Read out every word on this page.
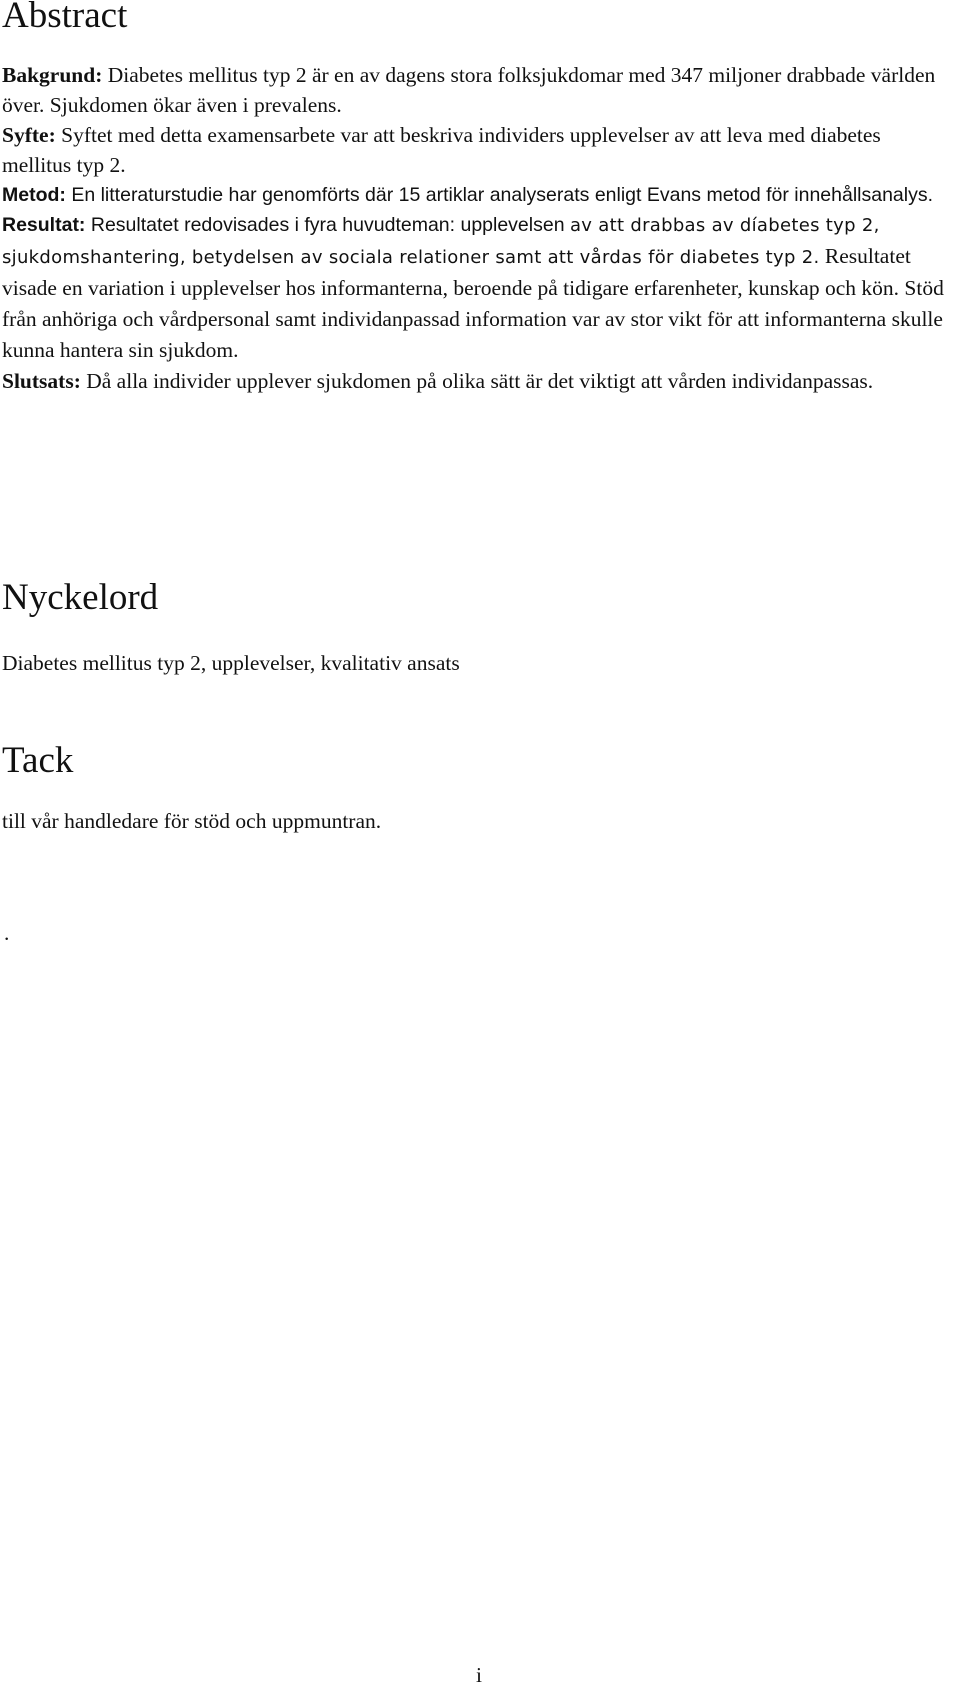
Abstract

Bakgrund: Diabetes mellitus typ 2 är en av dagens stora folksjukdomar med 347 miljoner drabbade världen över. Sjukdomen ökar även i prevalens.

Syfte: Syftet med detta examensarbete var att beskriva individers upplevelser av att leva med diabetes mellitus typ 2.

Metod: En litteraturstudie har genomförts där 15 artiklar analyserats enligt Evans metod för innehållsanalys.

Resultat: Resultatet redovisades i fyra huvudteman: upplevelsen av att drabbas av díabetes typ 2, sjukdomshantering, betydelsen av sociala relationer samt att vårdas för diabetes typ 2. Resultatet visade en variation i upplevelser hos informanterna, beroende på tidigare erfarenheter, kunskap och kön. Stöd från anhöriga och vårdpersonal samt individanpassad information var av stor vikt för att informanterna skulle kunna hantera sin sjukdom.

Slutsats: Då alla individer upplever sjukdomen på olika sätt är det viktigt att vården individanpassas.

Nyckelord

Diabetes mellitus typ 2, upplevelser, kvalitativ ansats

Tack

till vår handledare för stöd och uppmuntran.

.

i
